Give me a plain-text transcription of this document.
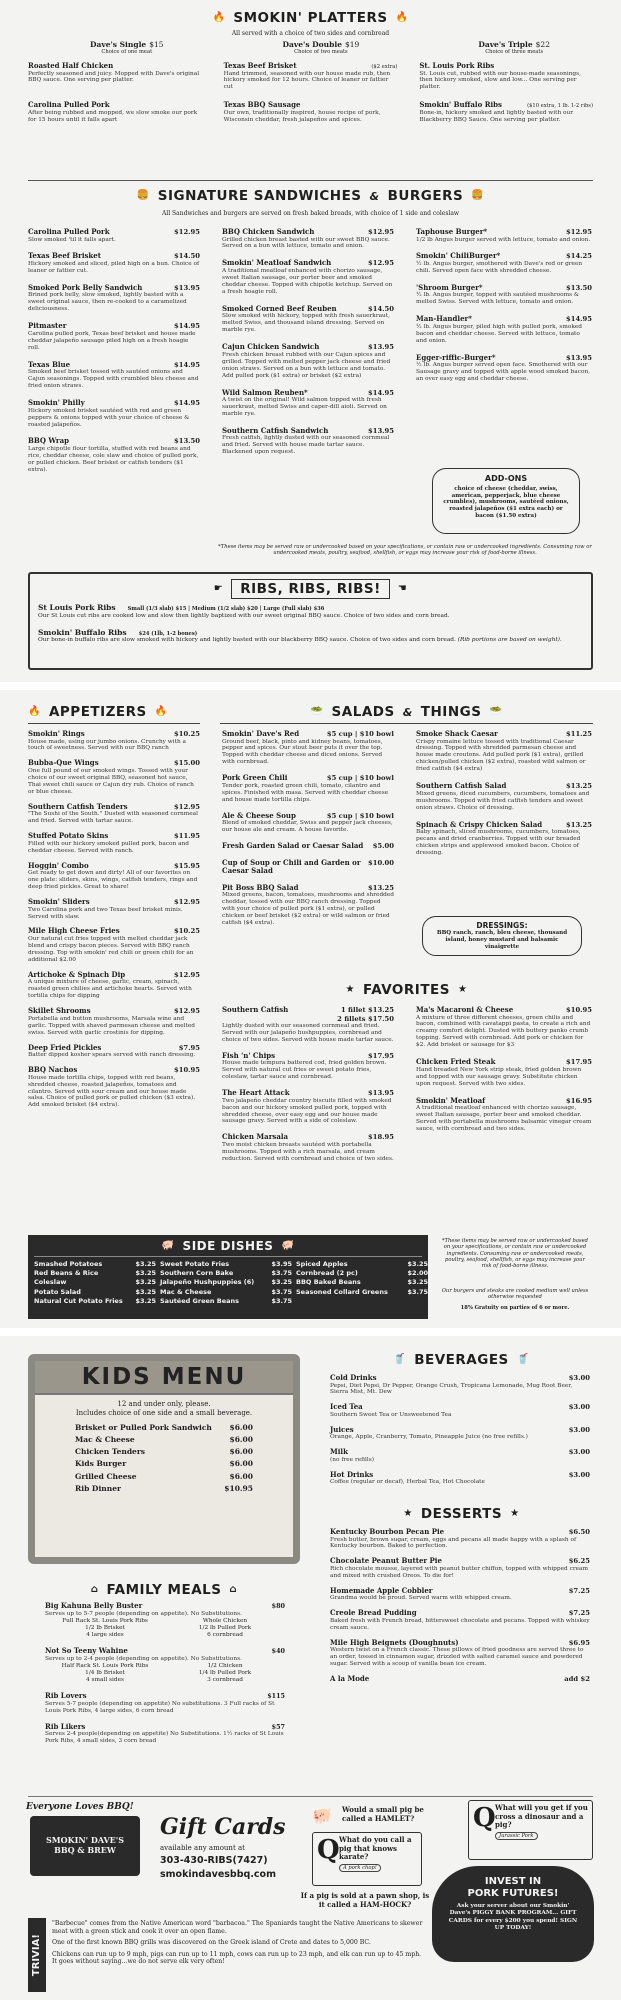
🔥 SMOKIN' PLATTERS 🔥
All served with a choice of two sides and cornbread
Dave's Single $15
Choice of one meat
Dave's Double $19
Choice of two meats
Dave's Triple $22
Choice of three meats
Roasted Half Chicken
Perfectly seasoned and juicy. Mopped with Dave's original BBQ sauce. One serving per platter.
Texas Beef Brisket	($2 extra)
Hand trimmed, seasoned with our house made rub, then hickory smoked for 12 hours. Choice of leaner or fattier cut
St. Louis Pork Ribs
St. Louis cut, rubbed with our house-made seasonings, then hickory smoked, slow and low... One serving per platter.
Carolina Pulled Pork
After being rubbed and mopped, we slow smoke our pork for 15 hours until it falls apart
Texas BBQ Sausage
Our own, traditionally inspired, house recipe of pork, Wisconsin cheddar, fresh jalapeños and spices.
Smokin' Buffalo Ribs	($10 extra, 1 lb. 1-2 ribs)
Bone-in, hickory smoked and lightly basted with our Blackberry BBQ Sauce. One serving per platter.
🍔 SIGNATURE SANDWICHES & BURGERS 🍔
All Sandwiches and burgers are served on fresh baked breads, with choice of 1 side and coleslaw
Carolina Pulled Pork	$12.95
Slow smoked 'til it falls apart.
Texas Beef Brisket	$14.50
Hickory smoked and sliced, piled high on a bun. Choice of leaner or fattier cut.
Smoked Pork Belly Sandwich	$13.95
Brined pork belly, slow smoked, lightly basted with a sweet original sauce, then re-cooked to a caramelized deliciousness.
Pitmaster	$14.95
Carolina pulled pork, Texas beef brisket and house made cheddar jalapeño sausage piled high on a fresh hoagie roll.
Texas Blue	$14.95
Smoked beef brisket tossed with sautéed onions and Cajun seasonings. Topped with crumbled bleu cheese and fried onion straws.
Smokin' Philly	$14.95
Hickory smoked brisket sautéed with red and green peppers & onions topped with your choice of cheese & roasted jalapeños.
BBQ Wrap	$13.50
Large chipotle flour tortilla, stuffed with red beans and rice, cheddar cheese, cole slaw and choice of pulled pork, or pulled chicken. Beef brisket or catfish tenders ($1 extra).
BBQ Chicken Sandwich	$12.95
Grilled chicken breast basted with our sweet BBQ sauce. Served on a bun with lettuce, tomato and onion.
Smokin' Meatloaf Sandwich	$12.95
A traditional meatloaf enhanced with chorizo sausage, sweet Italian sausage, our porter beer and smoked cheddar cheese. Topped with chipotle ketchup. Served on a fresh hoagie roll.
Smoked Corned Beef Reuben	$14.50
Slow smoked with hickory, topped with fresh sauerkraut, melted Swiss, and thousand island dressing. Served on marble rye.
Cajun Chicken Sandwich	$13.95
Fresh chicken breast rubbed with our Cajun spices and grilled. Topped with melted pepper jack cheese and fried onion straws. Served on a bun with lettuce and tomato. Add pulled pork ($1 extra) or brisket ($2 extra)
Wild Salmon Reuben*	$14.95
A twist on the original! Wild salmon topped with fresh sauerkraut, melted Swiss and caper-dill aioli. Served on marble rye.
Southern Catfish Sandwich	$13.95
Fresh catfish, lightly dusted with our seasoned cornmeal and fried. Served with house made tartar sauce. Blackened upon request.
Taphouse Burger*	$12.95
1/2 lb Angus burger served with lettuce, tomato and onion.
Smokin' ChiliBurger*	$14.25
½ lb. Angus burger, smothered with Dave's red or green chili. Served open face with shredded cheese.
'Shroom Burger*	$13.50
½ lb. Angus burger, topped with sautéed mushrooms & melted Swiss. Served with lettuce, tomato and onion.
Man-Handler*	$14.95
½ lb. Angus burger, piled high with pulled pork, smoked bacon and cheddar cheese. Served with lettuce, tomato and onion.
Egger-riffic-Burger*	$13.95
½ lb. Angus burger served open face. Smothered with our Sausage gravy and topped with apple wood smoked bacon, an over easy egg and cheddar cheese.
ADD-ONS
choice of cheese (cheddar, swiss, american, pepperjack, blue cheese crumbles), mushrooms, sautéed onions, roasted jalapeños ($1 extra each) or bacon ($1.50 extra)
*These items may be served raw or undercooked based on your specifications, or contain raw or undercooked ingredients. Consuming raw or undercooked meats, poultry, seafood, shellfish, or eggs may increase your risk of food-borne illness.
☛	RIBS, RIBS, RIBS!	☚
St Louis Pork Ribs Small (1/3 slab) $15 | Medium (1/2 slab) $20 | Large (Full slab) $36
Our St Louis cut ribs are cooked low and slow then lightly baptized with our sweet original BBQ sauce. Choice of two sides and corn bread.
Smokin' Buffalo Ribs $24 (1lb, 1-2 bones)
Our bone-in buffalo ribs are slow smoked with hickory and lightly basted with our blackberry BBQ sauce. Choice of two sides and corn bread. (Rib portions are based on weight).
🔥 APPETIZERS 🔥
Smokin' Rings	$10.25
House made, using our jumbo onions. Crunchy with a touch of sweetness. Served with our BBQ ranch
Bubba-Que Wings	$15.00
One full pound of our smoked wings. Tossed with your choice of our sweet original BBQ, seasoned hot sauce, Thai sweet chili sauce or Cajun dry rub. Choice of ranch or blue cheese.
Southern Catfish Tenders	$12.95
"The Sushi of the South." Dusted with seasoned cornmeal and fried. Served with tartar sauce.
Stuffed Potato Skins	$11.95
Filled with our hickory smoked pulled pork, bacon and cheddar cheese. Served with ranch.
Hoggin' Combo	$15.95
Get ready to get down and dirty! All of our favorites on one plate: sliders, skins, wings, catfish tenders, rings and deep fried pickles. Great to share!
Smokin' Sliders	$12.95
Two Carolina pork and two Texas beef brisket minis. Served with slaw.
Mile High Cheese Fries	$10.25
Our natural cut fries topped with melted cheddar jack blend and crispy bacon pieces. Served with BBQ ranch dressing. Top with smokin' red chili or green chili for an additional $2.00
Artichoke & Spinach Dip	$12.95
A unique mixture of cheese, garlic, cream, spinach, roasted green chilies and artichoke hearts. Served with tortilla chips for dipping
Skillet Shrooms	$12.95
Portabella and button mushrooms, Marsala wine and garlic. Topped with shaved parmesan cheese and melted swiss. Served with garlic crostinis for dipping.
Deep Fried Pickles	$7.95
Batter dipped kosher spears served with ranch dressing.
BBQ Nachos	$10.95
House made tortilla chips, topped with red beans, shredded cheese, roasted jalapeños, tomatoes and cilantro. Served with sour cream and our house made salsa. Choice of pulled pork or pulled chicken ($3 extra). Add smoked brisket ($4 extra).
🥗 SALADS & THINGS 🥗
Smokin' Dave's Red	$5 cup | $10 bowl
Ground beef, black, pinto and kidney beans, tomatoes, pepper and spices. Our stout beer puts it over the top. Topped with cheddar cheese and diced onions. Served with cornbread.
Pork Green Chili	$5 cup | $10 bowl
Tender pork, roasted green chili, tomato, cilantro and spices. Finished with masa. Served with cheddar cheese and house made tortilla chips.
Ale & Cheese Soup	$5 cup | $10 bowl
Blend of smoked cheddar, Swiss and pepper jack cheeses, our house ale and cream. A house favorite.
Fresh Garden Salad or Caesar Salad $5.00
Cup of Soup or Chili and Garden or Caesar Salad
$10.00
Pit Boss BBQ Salad	$13.25
Mixed greens, bacon, tomatoes, mushrooms and shredded cheddar, tossed with our BBQ ranch dressing. Topped with your choice of pulled pork ($1 extra), or pulled chicken or beef brisket ($2 extra) or wild salmon or fried catfish ($4 extra).
Smoke Shack Caesar	$11.25
Crispy romaine lettuce tossed with traditional Caesar dressing. Topped with shredded parmesan cheese and house made croutons. Add pulled pork ($1 extra), grilled chicken/pulled chicken ($2 extra), roasted wild salmon or fried catfish ($4 extra)
Southern Catfish Salad	$13.25
Mixed greens, diced cucumbers, cucumbers, tomatoes and mushrooms. Topped with fried catfish tenders and sweet onion straws. Choice of dressing.
Spinach & Crispy Chicken Salad	$13.25
Baby spinach, sliced mushrooms, cucumbers, tomatoes, pecans and dried cranberries. Topped with our breaded chicken strips and applewood smoked bacon. Choice of dressing.
DRESSINGS:
BBQ ranch, ranch, bleu cheese, thousand island, honey mustard and balsamic vinaigrette
★ FAVORITES ★
Southern Catfish	1 fillet $13.25
2 fillets $17.50
Lightly dusted with our seasoned cornmeal and fried. Served with our jalapeño hushpuppies, cornbread and choice of two sides. Served with house made tartar sauce.
Fish 'n' Chips	$17.95
House made tempura battered cod, fried golden brown. Served with natural cut fries or sweet potato fries, coleslaw, tartar sauce and cornbread.
The Heart Attack	$13.95
Two jalapeño cheddar country biscuits filled with smoked bacon and our hickory smoked pulled pork, topped with shredded cheese, over easy egg and our house made sausage gravy. Served with a side of coleslaw.
Chicken Marsala	$18.95
Two moist chicken breasts sautéed with portabella mushrooms. Topped with a rich marsala, and cream reduction. Served with cornbread and choice of two sides.
Ma's Macaroni & Cheese	$10.95
A mixture of three different cheeses, green chilis and bacon, combined with cavatappi pasta, to create a rich and creamy comfort delight. Dusted with buttery panko crumb topping. Served with cornbread. Add pork or chicken for $2. Add brisket or sausage for $3
Chicken Fried Steak	$17.95
Hand breaded New York strip steak, fried golden brown and topped with our sausage gravy. Substitute chicken upon request. Served with two sides.
Smokin' Meatloaf	$16.95
A traditional meatloaf enhanced with chorizo sausage, sweet Italian sausage, porter beer and smoked cheddar. Served with portabella mushrooms balsamic vinegar cream sauce, with cornbread and two sides.
🐖 SIDE DISHES 🐖
Smashed Potatoes	$3.25 Sweet Potato Fries	$3.95 Spiced Apples	$3.25
Red Beans & Rice	$3.25 Southern Corn Bake	$3.75 Cornbread (2 pc)	$2.00
Coleslaw	$3.25 Jalapeño Hushpuppies (6)	$3.25 BBQ Baked Beans	$3.25
Potato Salad	$3.25 Mac & Cheese	$3.75 Seasoned Collard Greens	$3.75
Natural Cut Potato Fries	$3.25 Sautéed Green Beans	$3.75
*These items may be served raw or undercooked based on your specifications, or contain raw or undercooked ingredients. Consuming raw or undercooked meats, poultry, seafood, shellfish, or eggs may increase your risk of food-borne illness.
Our burgers and steaks are cooked medium well unless otherwise requested
18% Gratuity on parties of 6 or more.
KIDS MENU
12 and under only, please.
Includes choice of one side and a small beverage.
Brisket or Pulled Pork Sandwich $6.00
Mac & Cheese	$6.00
Chicken Tenders	$6.00
Kids Burger	$6.00
Grilled Cheese	$6.00
Rib Dinner	$10.95
⌂ FAMILY MEALS ⌂
Big Kahuna Belly Buster	$80
Serves up to 5-7 people (depending on appetite). No Substitutions.
Full Rack St. Louis Pork Ribs	Whole Chicken
1/2 lb Brisket	1/2 lb Pulled Pork
4 large sides	6 cornbread
Not So Teeny Wahine	$40
Serves up to 2-4 people (depending on appetite). No Substitutions.
Half Rack St. Louis Pork Ribs	1/2 Chicken
1/4 lb Brisket	1/4 lb Pulled Pork
4 small sides	3 cornbread
Rib Lovers	$115
Serves 5-7 people (depending on appetite) No substitutions. 3 Full racks of St Louis Pork Ribs, 4 large sides, 6 corn bread
Rib Likers	$57
Serves 2-4 people(depending on appetite) No Substitutions. 1½ racks of St Louis Pork Ribs, 4 small sides, 3 corn bread
🥤 BEVERAGES 🥤
Cold Drinks	$3.00
Pepsi, Diet Pepsi, Dr Pepper, Orange Crush, Tropicana Lemonade, Mug Root Beer, Sierra Mist, Mt. Dew
Iced Tea	$3.00
Southern Sweet Tea or Unsweetened Tea
Juices	$3.00
Orange, Apple, Cranberry, Tomato, Pineapple Juice (no free refills.)
Milk	$3.00
(no free refills)
Hot Drinks	$3.00
Coffee (regular or decaf), Herbal Tea, Hot Chocolate
★ DESSERTS ★
Kentucky Bourbon Pecan Pie	$6.50
Fresh butter, brown sugar, cream, eggs and pecans all made happy with a splash of Kentucky bourbon. Baked to perfection.
Chocolate Peanut Butter Pie	$6.25
Rich chocolate mousse, layered with peanut butter chiffon, topped with whipped cream and mixed with crushed Oreos. To die for!
Homemade Apple Cobbler	$7.25
Grandma would be proud. Served warm with whipped cream.
Creole Bread Pudding	$7.25
Baked fresh with French bread, bittersweet chocolate and pecans. Topped with whiskey cream sauce.
Mile High Beignets (Doughnuts)	$6.95
Western twist on a French classic. These pillows of fried goodness are served three to an order, tossed in cinnamon sugar, drizzled with salted caramel sauce and powdered sugar. Served with a scoop of vanilla bean ice cream.
A la Mode	add $2
Everyone Loves BBQ!
SMOKIN' DAVE'S BBQ & BREW
Gift Cards
available any amount at
303-430-RIBS(7427)
smokindavesbbq.com
🐖 Would a small pig be called a HAMLET?
Q What do you call a pig that knows karate?
A pork chop!
Q What will you get if you cross a dinosaur and a pig?
Jurassic Pork
If a pig is sold at a pawn shop, is it called a HAM-HOCK?
INVEST IN
PORK FUTURES!
Ask your server about our Smokin' Dave's PIGGY BANK PROGRAM... GIFT CARDS for every $200 you spend! SIGN UP TODAY!
TRIVIA!
"Barbecue" comes from the Native American word "barbacoa." The Spaniards taught the Native Americans to skewer meat with a green stick and cook it over an open flame.
One of the first known BBQ grills was discovered on the Greek island of Crete and dates to 5,000 BC.
Chickens can run up to 9 mph, pigs can run up to 11 mph, cows can run up to 23 mph, and elk can run up to 45 mph. It goes without saying...we do not serve elk very often!
